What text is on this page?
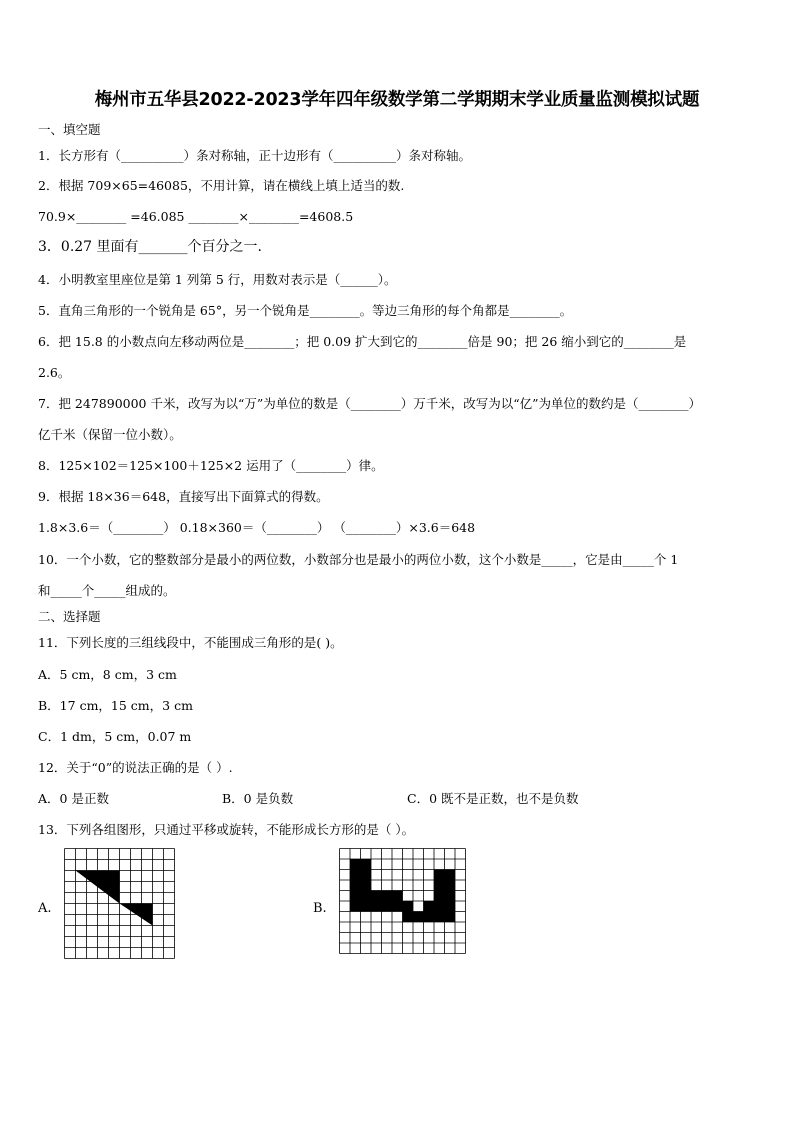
梅州市五华县2022-2023学年四年级数学第二学期期末学业质量监测模拟试题
一、填空题
1．长方形有（__________）条对称轴，正十边形有（__________）条对称轴。
2．根据 709×65=46085，不用计算，请在横线上填上适当的数.
70.9×________ =46.085 ________×________=4608.5
3．0.27 里面有_______个百分之一.
4．小明教室里座位是第 1 列第 5 行，用数对表示是（______）。
5．直角三角形的一个锐角是 65°，另一个锐角是________。等边三角形的每个角都是________。
6．把 15.8 的小数点向左移动两位是________；把 0.09 扩大到它的________倍是 90；把 26 缩小到它的________是
2.6。
7．把 247890000 千米，改写为以“万”为单位的数是（________）万千米，改写为以“亿”为单位的数约是（________）
亿千米（保留一位小数）。
8．125×102＝125×100＋125×2 运用了（________）律。
9．根据 18×36＝648，直接写出下面算式的得数。
1.8×3.6＝（________） 0.18×360＝（________） （________）×3.6＝648
10．一个小数，它的整数部分是最小的两位数，小数部分也是最小的两位小数，这个小数是_____，它是由_____个 1
和_____个_____组成的。
二、选择题
11．下列长度的三组线段中，不能围成三角形的是( )。
A．5 cm，8 cm，3 cm
B．17 cm，15 cm，3 cm
C．1 dm，5 cm，0.07 m
12．关于“0”的说法正确的是（ ）.
A．0 是正数	B．0 是负数	C．0 既不是正数，也不是负数
13．下列各组图形，只通过平移或旋转，不能形成长方形的是（ ）。
A.	B.
